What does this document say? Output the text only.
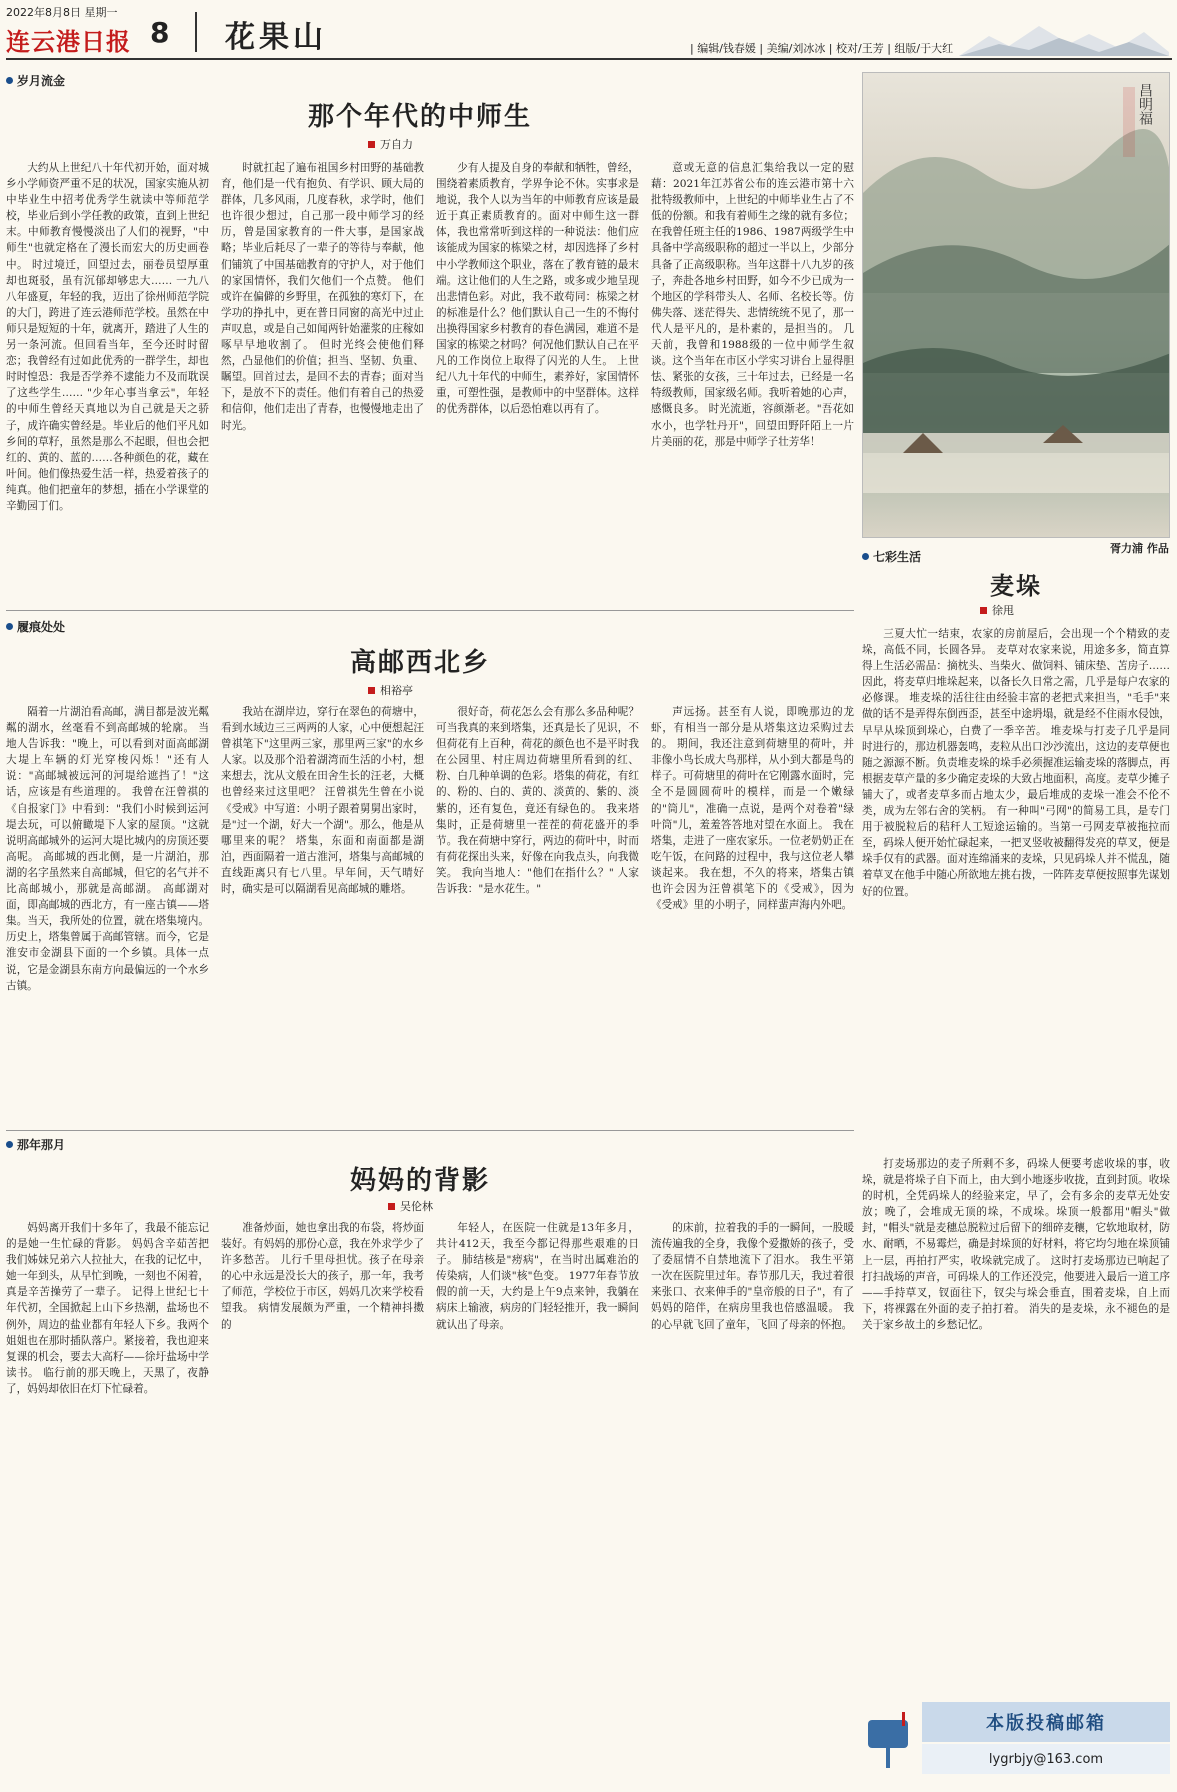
2022年8月8日 星期一
连云港日报 8 花果山	| 编辑/钱春媛 | 美编/刘冰冰 | 校对/王芳 | 组版/于大红
岁月流金
那个年代的中师生
万自力

大约从上世纪八十年代初开始，面对城乡小学师资严重不足的状况，国家实施从初中毕业生中招考优秀学生就读中等师范学校，毕业后到小学任教的政策，直到上世纪末。中师教育慢慢淡出了人们的视野，"中师生"也就定格在了漫长而宏大的历史画卷中。 时过境迁，回望过去，丽卷员望厚重却也斑驳，虽有沉郁却够忠大…… 一九八八年盛夏，年轻的我，迈出了徐州师范学院的大门，跨进了连云港师范学校。虽然在中师只是短短的十年，就离开，踏进了人生的另一条河流。但回看当年，至今还时时留恋；我曾经有过如此优秀的一群学生，却也时时惶恐：我是否学养不逮能力不及而耽误了这些学生…… "少年心事当拿云"，年轻的中师生曾经天真地以为自己就是天之骄子，成许确实曾经是。毕业后的他们平凡如乡间的草籽，虽然是那么不起眼，但也会把红的、黄的、蓝的……各种颜色的花，藏在叶间。他们像热爱生活一样，热爱着孩子的纯真。他们把童年的梦想，插在小学课堂的辛勤园丁们。

时就扛起了遍布祖国乡村田野的基础教育，他们是一代有抱负、有学识、顾大局的群体，几多风雨，几度春秋，求学时，他们也许很少想过，自己那一段中师学习的经历，曾是国家教育的一件大事，是国家战略；毕业后耗尽了一辈子的等待与奉献，他们铺筑了中国基础教育的守护人，对于他们的家国情怀，我们欠他们一个点赞。 他们或许在偏僻的乡野里，在孤独的寒灯下，在学功的挣扎中，更在普日同窗的高光中过止声叹息，或是自己如闻两针始灌浆的庄稼如啄早早地收割了。 但时光终会使他们释然，凸显他们的价值；担当、坚韧、负重、瞩望。回首过去，是回不去的青春；面对当下，是放不下的责任。他们有着自己的热爱和信仰，他们走出了青春，也慢慢地走出了时光。

少有人提及自身的奉献和牺牲，曾经，围绕着素质教育，学界争论不休。实事求是地说，我个人以为当年的中师教育应该是最近于真正素质教育的。面对中师生这一群体，我也常常听到这样的一种说法：他们应该能成为国家的栋梁之材，却因选择了乡村中小学教师这个职业，落在了教育链的最末端。这让他们的人生之路，或多或少地呈现出悲情色彩。对此，我不敢苟同：栋梁之材的标准是什么？他们默认自己一生的不悔付出换得国家乡村教育的春色满园，难道不是国家的栋梁之材吗？何况他们默认自己在平凡的工作岗位上取得了闪光的人生。 上世纪八九十年代的中师生，素养好，家国情怀重，可塑性强，是教师中的中坚群体。这样的优秀群体，以后恐怕难以再有了。

意或无意的信息汇集给我以一定的慰藉：2021年江苏省公布的连云港市第十六批特级教师中，上世纪的中师毕业生占了不低的份额。和我有着师生之缘的就有多位；在我曾任班主任的1986、1987两级学生中具备中学高级职称的超过一半以上，少部分具备了正高级职称。当年这群十八九岁的孩子，奔赴各地乡村田野，如今不少已成为一个地区的学科带头人、名师、名校长等。仿佛失落、迷茫得失、悲情统统不见了，那一代人是平凡的，是朴素的，是担当的。 几天前，我曾和1988级的一位中师学生叙谈。这个当年在市区小学实习讲台上显得胆怯、紧张的女孩，三十年过去，已经是一名特级教师，国家级名师。我听着她的心声，感慨良多。 时光流逝，容颜渐老。"吾花如水小，也学牡丹开"，回望田野阡陌上一片片美丽的花，那是中师学子壮芳华！

昌明福
胥力浦 作品
七彩生活
麦垛
徐甩

三夏大忙一结束，农家的房前屋后，会出现一个个精致的麦垛，高低不同，长圆各异。 麦草对农家来说，用途多多，简直算得上生活必需品：摘枕头、当柴火、做饲料、铺床垫、苫房子……因此，将麦草归堆垛起来，以备长久日常之需，几乎是每户农家的必修课。 堆麦垛的活往往由经验丰富的老把式来担当，"毛手"来做的话不是弄得东倒西歪，甚至中途坍塌，就是经不住雨水侵蚀，早早从垛顶到垛心，白费了一季辛苦。 堆麦垛与打麦子几乎是同时进行的，那边机器轰鸣，麦粒从出口沙沙流出，这边的麦草便也随之源源不断。负责堆麦垛的垛手必须握准运输麦垛的落脚点，再根据麦草产量的多少确定麦垛的大致占地面积，高度。麦草少摊子铺大了，或者麦草多而占地太少，最后堆成的麦垛一准会不伦不类，成为左邻右舍的笑柄。 有一种叫"弓网"的简易工具，是专门用于被脱粒后的秸秆人工短途运输的。当第一弓网麦草被拖拉而至，码垛人便开始忙碌起来，一把叉竖收被翻得发亮的草叉，便是垛手仅有的武器。面对连绵涌来的麦垛，只见码垛人并不慌乱，随着草叉在他手中随心所欲地左挑右拨，一阵阵麦草便按照事先谋划好的位置。

打麦场那边的麦子所剩不多，码垛人便要考虑收垛的事，收垛，就是将垛子自下而上，由大到小地逐步收拢，直到封顶。收垛的时机，全凭码垛人的经验来定，早了，会有多余的麦草无处安放；晚了，会堆成无顶的垛，不成垛。垛顶一般都用"帽头"做封，"帽头"就是麦穗总脱粒过后留下的细碎麦穰，它软地取材，防水、耐晒，不易霉烂，确是封垛顶的好材料，将它均匀地在垛顶铺上一层，再拍打严实，收垛就完成了。 这时打麦场那边已响起了打扫战场的声音，可码垛人的工作还没完，他要进入最后一道工序——手持草叉，钗面往下，钗尖与垛会垂直，围着麦垛，自上而下，将裸露在外面的麦子拍打着。 消失的是麦垛，永不褪色的是关于家乡故土的乡愁记忆。

履痕处处
高邮西北乡
相裕亭

隔着一片湖泊看高邮，满目都是波光粼粼的湖水，丝毫看不到高邮城的轮廓。 当地人告诉我："晚上，可以看到对面高邮湖大堤上车辆的灯光穿梭闪烁！"还有人说："高邮城被远河的河堤给遮挡了！"这话，应该是有些道理的。 我曾在汪曾祺的《自报家门》中看到："我们小时候到运河堤去玩，可以俯瞰堤下人家的屋顶。"这就说明高邮城外的运河大堤比城内的房顶还要高呢。 高邮城的西北侧，是一片湖泊，那湖的名字虽然来自高邮城，但它的名气并不比高邮城小，那就是高邮湖。 高邮湖对面，即高邮城的西北方，有一座古镇——塔集。当天，我所处的位置，就在塔集境内。 历史上，塔集曾属于高邮管辖。而今，它是淮安市金湖县下面的一个乡镇。具体一点说，它是金湖县东南方向最偏远的一个水乡古镇。

我站在湖岸边，穿行在翠色的荷塘中，看到水域边三三两两的人家，心中便想起汪曾祺笔下"这里两三家，那里两三家"的水乡人家。以及那个沿着湖湾而生活的小村，想来想去，沈从文般在田舍生长的汪老，大概也曾经来过这里吧？ 汪曾祺先生曾在小说《受戒》中写道：小明子跟着舅舅出家时，是"过一个湖，好大一个湖"。那么，他是从哪里来的呢？ 塔集，东面和南面都是湖泊，西面隔着一道古淮河，塔集与高邮城的直线距离只有七八里。早年间，天气晴好时，确实是可以隔湖看见高邮城的雕塔。

很好奇，荷花怎么会有那么多品种呢？可当我真的来到塔集，还真是长了见识，不但荷花有上百种，荷花的颜色也不是平时我在公园里、村庄周边荷塘里所看到的红、粉、白几种单调的色彩。塔集的荷花，有红的、粉的、白的、黄的、淡黄的、紫的、淡紫的，还有复色，竟还有绿色的。 我来塔集时，正是荷塘里一茬茬的荷花盛开的季节。我在荷塘中穿行，两边的荷叶中，时而有荷花探出头来，好像在向我点头，向我微笑。 我向当地人："他们在指什么？" 人家告诉我："是水花生。"

声远扬。甚至有人说，即晚那边的龙虾，有相当一部分是从塔集这边采购过去的。 期间，我还注意到荷塘里的荷叶，并非像小鸟长成大鸟那样，从小到大都是鸟的样子。可荷塘里的荷叶在它刚露水面时，完全不是圆圆荷叶的模样，而是一个嫩绿的"筒儿"，准确一点说，是两个对卷着"绿叶筒"儿，羞羞答答地对望在水面上。 我在塔集，走进了一座农家乐。一位老奶奶正在吃午饭，在问路的过程中，我与这位老人攀谈起来。 我在想，不久的将来，塔集古镇也许会因为汪曾祺笔下的《受戒》，因为《受戒》里的小明子，同样蜚声海内外吧。

那年那月
妈妈的背影
吴伦林

妈妈离开我们十多年了，我最不能忘记的是她一生忙碌的背影。 妈妈含辛茹苦把我们姊妹兄弟六人拉扯大，在我的记忆中，她一年到头，从早忙到晚，一刻也不闲着，真是辛苦操劳了一辈子。 记得上世纪七十年代初，全国掀起上山下乡热潮，盐场也不例外，周边的盐业都有年轻人下乡。我两个姐姐也在那时插队落户。紧接着，我也迎来复课的机会，要去大高籽——徐圩盐场中学读书。 临行前的那天晚上，天黑了，夜静了，妈妈却依旧在灯下忙碌着。

准备炒面，她也拿出我的布袋，将炒面装好。有妈妈的那份心意，我在外求学少了许多愁苦。 儿行千里母担忧。孩子在母亲的心中永远是没长大的孩子，那一年，我考了师范，学校位于市区，妈妈几次来学校看望我。 病情发展颇为严重，一个精神抖擞的

年轻人，在医院一住就是13年多月，共计412天，我至今都记得那些艰难的日子。 肺结核是"痨病"，在当时出属难治的传染病，人们谈"核"色变。 1977年春节放假的前一天，大约是上午9点来钟，我躺在病床上输液，病房的门轻轻推开，我一瞬间就认出了母亲。

的床前，拉着我的手的一瞬间，一股暖流传遍我的全身，我像个爱撒娇的孩子，受了委屈情不自禁地流下了泪水。 我生平第一次在医院里过年。春节那几天，我过着很来张口、衣来伸手的"皇帝般的日子"，有了妈妈的陪伴，在病房里我也倍感温暖。 我的心早就飞回了童年，飞回了母亲的怀抱。

本版投稿邮箱
lygrbjy@163.com
